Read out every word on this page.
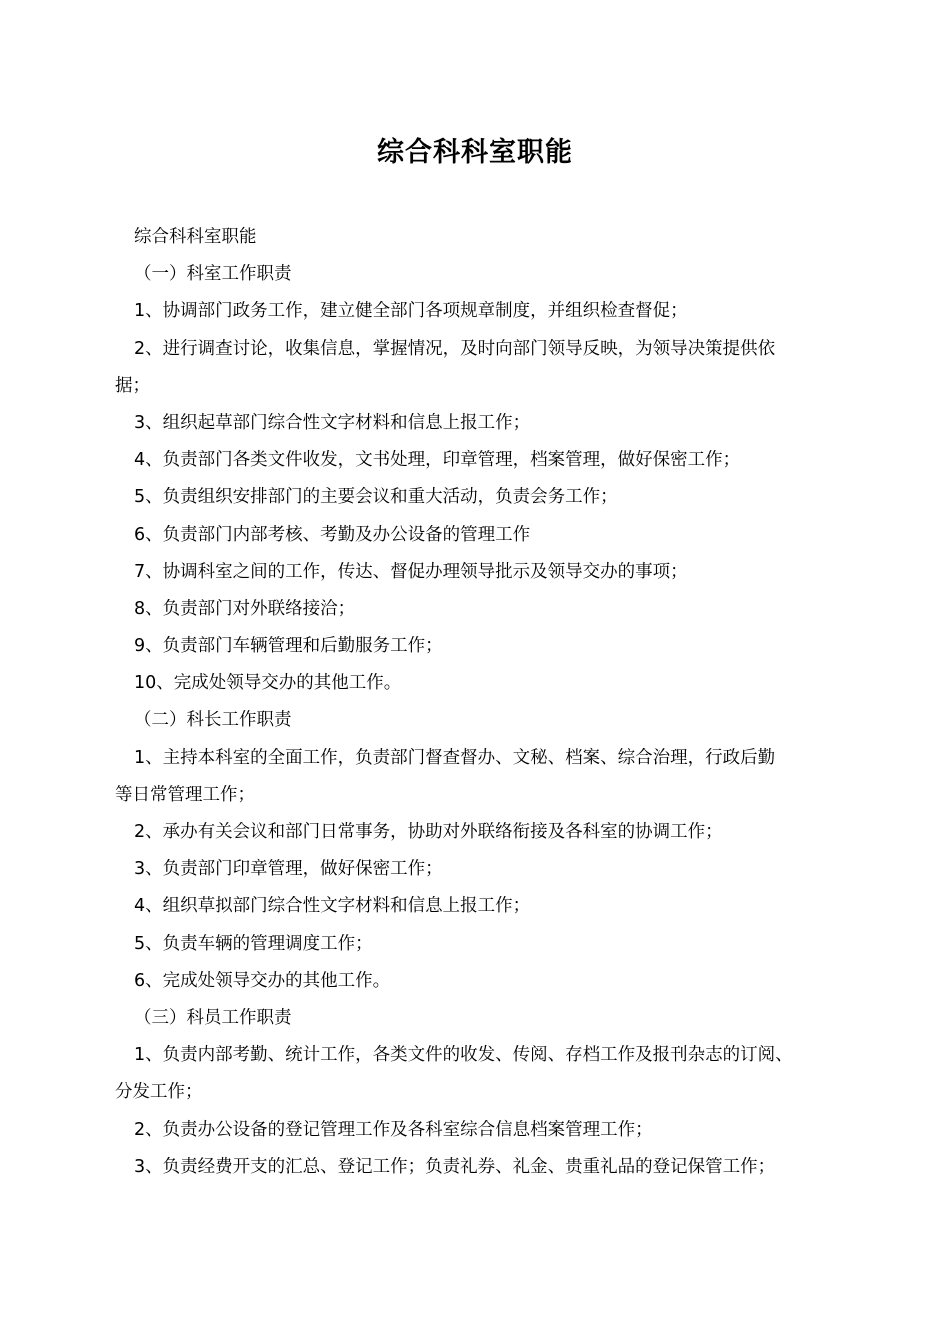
综合科科室职能
综合科科室职能
（一）科室工作职责
1、协调部门政务工作，建立健全部门各项规章制度，并组织检查督促；
2、进行调查讨论，收集信息，掌握情况，及时向部门领导反映，为领导决策提供依
据；
3、组织起草部门综合性文字材料和信息上报工作；
4、负责部门各类文件收发，文书处理，印章管理，档案管理，做好保密工作；
5、负责组织安排部门的主要会议和重大活动，负责会务工作；
6、负责部门内部考核、考勤及办公设备的管理工作
7、协调科室之间的工作，传达、督促办理领导批示及领导交办的事项；
8、负责部门对外联络接洽；
9、负责部门车辆管理和后勤服务工作；
10、完成处领导交办的其他工作。
（二）科长工作职责
1、主持本科室的全面工作，负责部门督查督办、文秘、档案、综合治理，行政后勤
等日常管理工作；
2、承办有关会议和部门日常事务，协助对外联络衔接及各科室的协调工作；
3、负责部门印章管理，做好保密工作；
4、组织草拟部门综合性文字材料和信息上报工作；
5、负责车辆的管理调度工作；
6、完成处领导交办的其他工作。
（三）科员工作职责
1、负责内部考勤、统计工作，各类文件的收发、传阅、存档工作及报刊杂志的订阅、
分发工作；
2、负责办公设备的登记管理工作及各科室综合信息档案管理工作；
3、负责经费开支的汇总、登记工作；负责礼券、礼金、贵重礼品的登记保管工作；
